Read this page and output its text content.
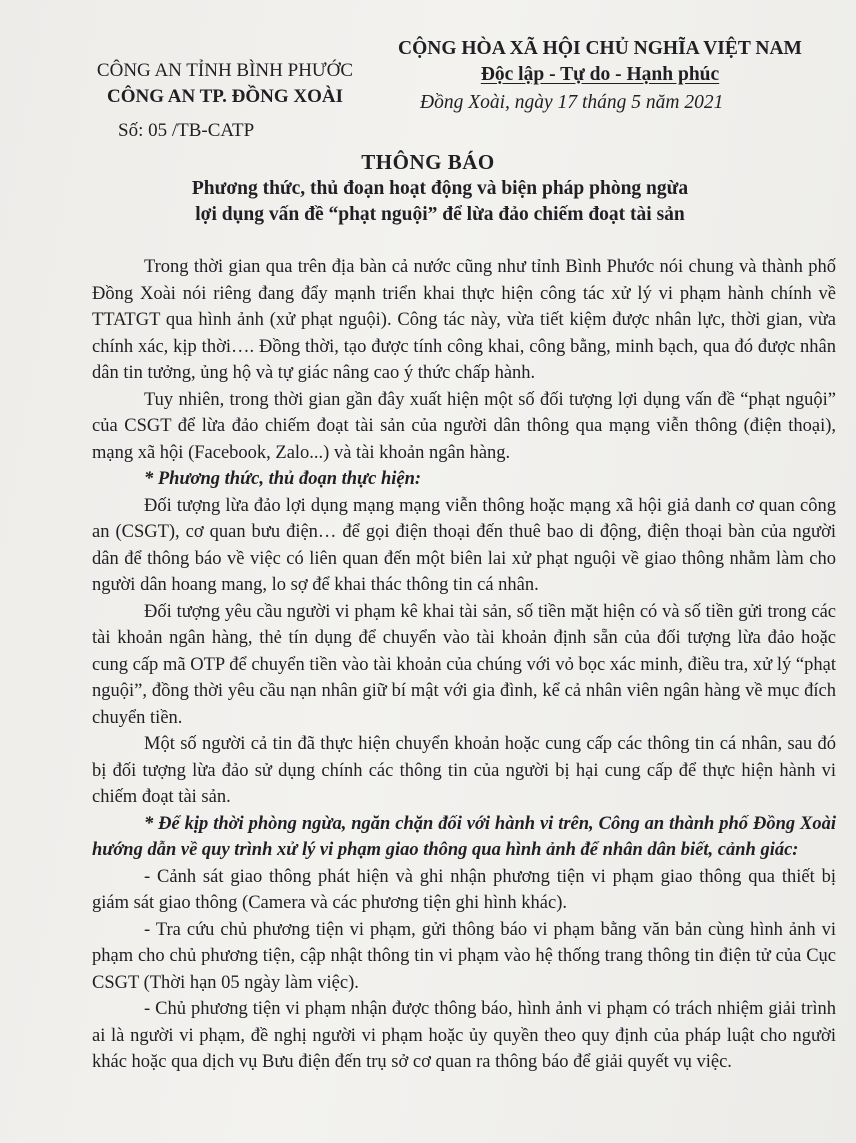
CÔNG AN TỈNH BÌNH PHƯỚC
CÔNG AN TP. ĐỒNG XOÀI
Số: 05 /TB-CATP
CỘNG HÒA XÃ HỘI CHỦ NGHĨA VIỆT NAM
Độc lập - Tự do - Hạnh phúc
Đồng Xoài, ngày 17 tháng 5 năm 2021
THÔNG BÁO
Phương thức, thủ đoạn hoạt động và biện pháp phòng ngừa
lợi dụng vấn đề “phạt nguội” để lừa đảo chiếm đoạt tài sản

Trong thời gian qua trên địa bàn cả nước cũng như tỉnh Bình Phước nói chung và thành phố Đồng Xoài nói riêng đang đẩy mạnh triển khai thực hiện công tác xử lý vi phạm hành chính về TTATGT qua hình ảnh (xử phạt nguội). Công tác này, vừa tiết kiệm được nhân lực, thời gian, vừa chính xác, kịp thời…. Đồng thời, tạo được tính công khai, công bằng, minh bạch, qua đó được nhân dân tin tưởng, ủng hộ và tự giác nâng cao ý thức chấp hành.

Tuy nhiên, trong thời gian gần đây xuất hiện một số đối tượng lợi dụng vấn đề “phạt nguội” của CSGT để lừa đảo chiếm đoạt tài sản của người dân thông qua mạng viễn thông (điện thoại), mạng xã hội (Facebook, Zalo...) và tài khoản ngân hàng.

* Phương thức, thủ đoạn thực hiện:

Đối tượng lừa đảo lợi dụng mạng mạng viễn thông hoặc mạng xã hội giả danh cơ quan công an (CSGT), cơ quan bưu điện… để gọi điện thoại đến thuê bao di động, điện thoại bàn của người dân để thông báo về việc có liên quan đến một biên lai xử phạt nguội về giao thông nhằm làm cho người dân hoang mang, lo sợ để khai thác thông tin cá nhân.

Đối tượng yêu cầu người vi phạm kê khai tài sản, số tiền mặt hiện có và số tiền gửi trong các tài khoản ngân hàng, thẻ tín dụng để chuyển vào tài khoản định sẵn của đối tượng lừa đảo hoặc cung cấp mã OTP để chuyển tiền vào tài khoản của chúng với vỏ bọc xác minh, điều tra, xử lý “phạt nguội”, đồng thời yêu cầu nạn nhân giữ bí mật với gia đình, kể cả nhân viên ngân hàng về mục đích chuyển tiền.

Một số người cả tin đã thực hiện chuyển khoản hoặc cung cấp các thông tin cá nhân, sau đó bị đối tượng lừa đảo sử dụng chính các thông tin của người bị hại cung cấp để thực hiện hành vi chiếm đoạt tài sản.

* Để kịp thời phòng ngừa, ngăn chặn đối với hành vi trên, Công an thành phố Đồng Xoài hướng dẫn về quy trình xử lý vi phạm giao thông qua hình ảnh để nhân dân biết, cảnh giác:

- Cảnh sát giao thông phát hiện và ghi nhận phương tiện vi phạm giao thông qua thiết bị giám sát giao thông (Camera và các phương tiện ghi hình khác).

- Tra cứu chủ phương tiện vi phạm, gửi thông báo vi phạm bằng văn bản cùng hình ảnh vi phạm cho chủ phương tiện, cập nhật thông tin vi phạm vào hệ thống trang thông tin điện tử của Cục CSGT (Thời hạn 05 ngày làm việc).

- Chủ phương tiện vi phạm nhận được thông báo, hình ảnh vi phạm có trách nhiệm giải trình ai là người vi phạm, đề nghị người vi phạm hoặc ủy quyền theo quy định của pháp luật cho người khác hoặc qua dịch vụ Bưu điện đến trụ sở cơ quan ra thông báo để giải quyết vụ việc.
